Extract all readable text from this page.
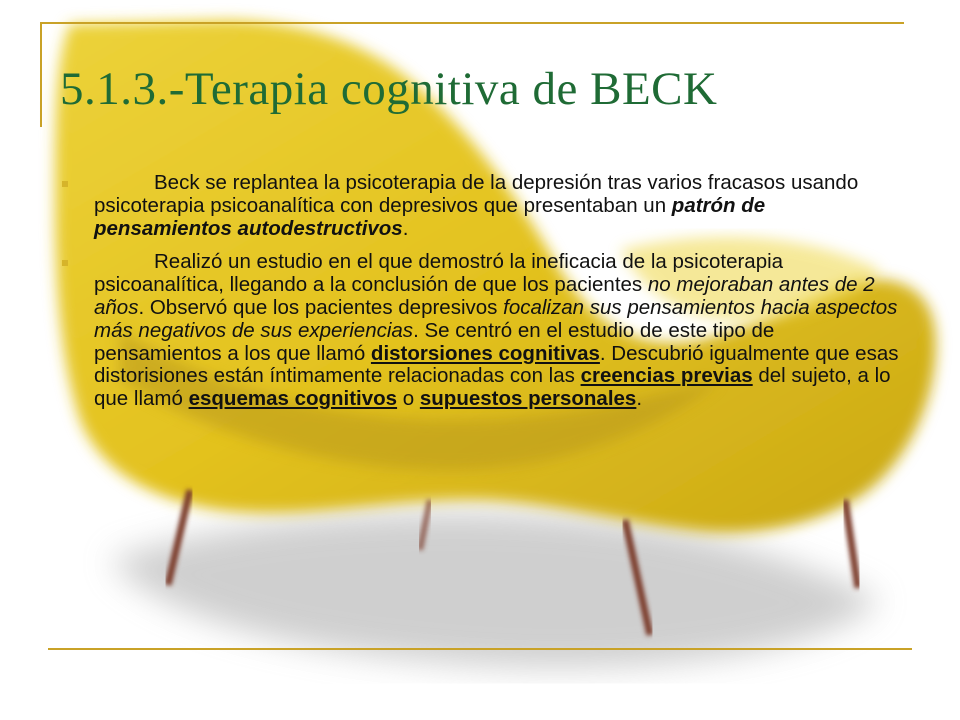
5.1.3.-Terapia cognitiva de BECK
Beck se replantea la psicoterapia de la depresión tras varios fracasos usando psicoterapia psicoanalítica con depresivos que presentaban un patrón de pensamientos autodestructivos.
Realizó un estudio en el que demostró la ineficacia de la psicoterapia psicoanalítica, llegando a la conclusión de que los pacientes no mejoraban antes de 2 años. Observó que los pacientes depresivos focalizan sus pensamientos hacia aspectos más negativos de sus experiencias. Se centró en el estudio de este tipo de pensamientos a los que llamó distorsiones cognitivas. Descubrió igualmente que esas distorisiones están íntimamente relacionadas con las creencias previas del sujeto, a lo que llamó esquemas cognitivos o supuestos personales.
